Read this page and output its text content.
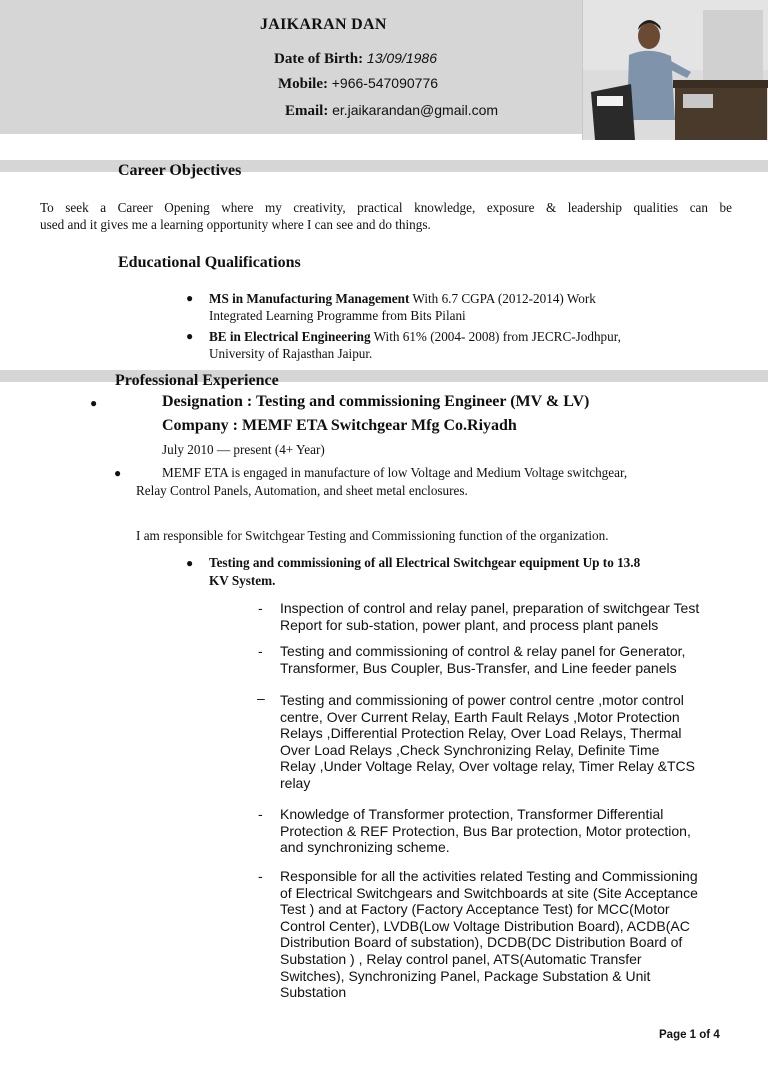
JAIKARAN DAN
Date of Birth: 13/09/1986
Mobile: +966-547090776
Email: er.jaikarandan@gmail.com
Career Objectives
To seek a Career Opening where my creativity, practical knowledge, exposure & leadership qualities can be
used and it gives me a learning opportunity where I can see and do things.
Educational Qualifications
● MS in Manufacturing Management With 6.7 CGPA (2012-2014) Work
Integrated Learning Programme from Bits Pilani
● BE in Electrical Engineering With 61% (2004- 2008) from JECRC-Jodhpur,
University of Rajasthan Jaipur.
Professional Experience
●	Designation : Testing and commissioning Engineer (MV & LV)
Company : MEMF ETA Switchgear Mfg Co.Riyadh
July 2010 — present (4+ Year)
●	MEMF ETA is engaged in manufacture of low Voltage and Medium Voltage switchgear,
Relay Control Panels, Automation, and sheet metal enclosures.
I am responsible for Switchgear Testing and Commissioning function of the organization.
● Testing and commissioning of all Electrical Switchgear equipment Up to 13.8
KV System.
- Inspection of control and relay panel, preparation of switchgear Test
Report for sub-station, power plant, and process plant panels
- Testing and commissioning of control & relay panel for Generator,
Transformer, Bus Coupler, Bus-Transfer, and Line feeder panels
– Testing and commissioning of power control centre ,motor control
centre, Over Current Relay, Earth Fault Relays ,Motor Protection
Relays ,Differential Protection Relay, Over Load Relays, Thermal
Over Load Relays ,Check Synchronizing Relay, Definite Time
Relay ,Under Voltage Relay, Over voltage relay, Timer Relay &TCS
relay
- Knowledge of Transformer protection, Transformer Differential
Protection & REF Protection, Bus Bar protection, Motor protection,
and synchronizing scheme.
- Responsible for all the activities related Testing and Commissioning
of Electrical Switchgears and Switchboards at site (Site Acceptance
Test ) and at Factory (Factory Acceptance Test) for MCC(Motor
Control Center), LVDB(Low Voltage Distribution Board), ACDB(AC
Distribution Board of substation), DCDB(DC Distribution Board of
Substation ) , Relay control panel, ATS(Automatic Transfer
Switches), Synchronizing Panel, Package Substation & Unit
Substation
Page 1 of 4
